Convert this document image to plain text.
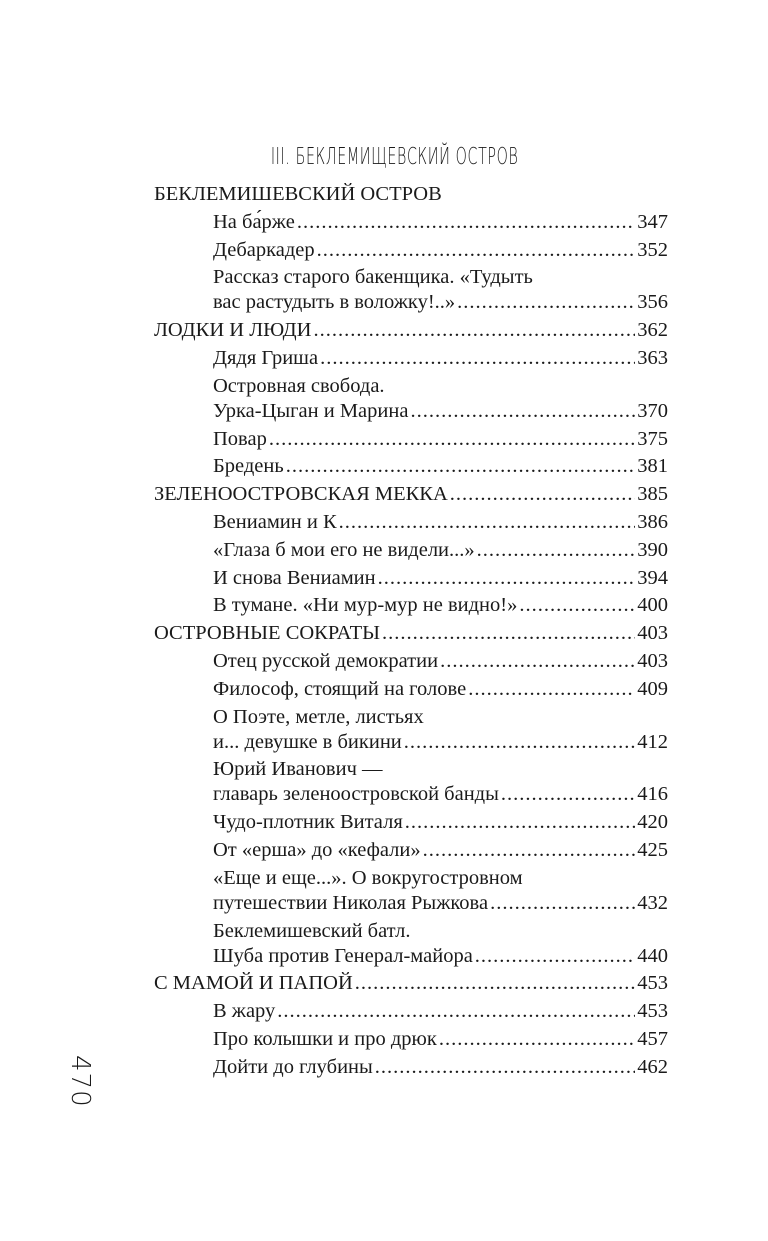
III. БЕКЛЕМИЩЕВСКИЙ ОСТРОВ
БЕКЛЕМИШЕВСКИЙ ОСТРОВ
На ба́рже .....	347
Дебаркадер .....	352
Рассказ старого бакенщика. «Тудыть
вас растудыть в воложку!..» .....	356
ЛОДКИ И ЛЮДИ .....	362
Дядя Гриша .....	363
Островная свобода.
Урка-Цыган и Марина .....	370
Повар .....	375
Бредень .....	381
ЗЕЛЕНООСТРОВСКАЯ МЕККА .....	385
Вениамин и К .....	386
«Глаза б мои его не видели...» .....	390
И снова Вениамин .....	394
В тумане. «Ни мур-мур не видно!» .....	400
ОСТРОВНЫЕ СОКРАТЫ .....	403
Отец русской демократии .....	403
Философ, стоящий на голове .....	409
О Поэте, метле, листьях
и... девушке в бикини .....	412
Юрий Иванович —
главарь зеленоостровской банды .....	416
Чудо-плотник Виталя .....	420
От «ерша» до «кефали» .....	425
«Еще и еще...». О вокругостровном
путешествии Николая Рыжкова .....	432
Беклемишевский батл.
Шуба против Генерал-майора .....	440
С МАМОЙ И ПАПОЙ .....	453
В жару .....	453
Про колышки и про дрюк .....	457
Дойти до глубины .....	462
470
